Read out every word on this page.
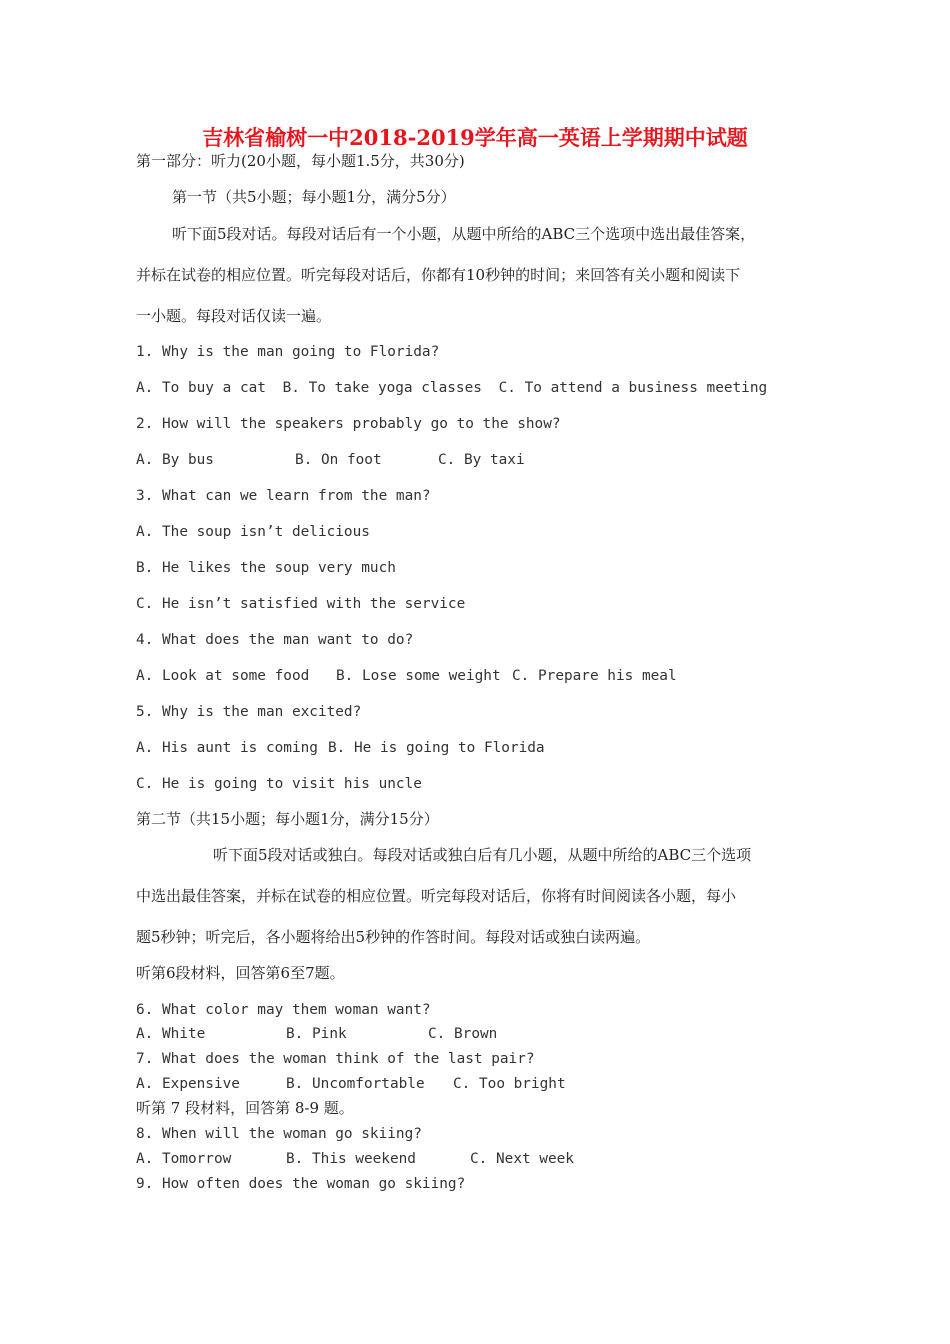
吉林省榆树一中2018-2019学年高一英语上学期期中试题
第一部分：听力(20小题，每小题1.5分，共30分)
第一节（共5小题；每小题1分，满分5分）
听下面5段对话。每段对话后有一个小题，从题中所给的ABC三个选项中选出最佳答案，
并标在试卷的相应位置。听完每段对话后，你都有10秒钟的时间；来回答有关小题和阅读下
一小题。每段对话仅读一遍。
1. Why is the man going to Florida?
A. To buy a cat B. To take yoga classes C. To attend a business meeting
2. How will the speakers probably go to the show?
A. By bus	B. On foot	C. By taxi
3. What can we learn from the man?
A. The soup isn’t delicious
B. He likes the soup very much
C. He isn’t satisfied with the service
4. What does the man want to do?
A. Look at some food B. Lose some weight C. Prepare his meal
5. Why is the man excited?
A. His aunt is coming B. He is going to Florida
C. He is going to visit his uncle
第二节（共15小题；每小题1分，满分15分）
听下面5段对话或独白。每段对话或独白后有几小题，从题中所给的ABC三个选项
中选出最佳答案，并标在试卷的相应位置。听完每段对话后，你将有时间阅读各小题，每小
题5秒钟；听完后，各小题将给出5秒钟的作答时间。每段对话或独白读两遍。
听第6段材料，回答第6至7题。
6. What color may them woman want?
A. White	B. Pink	C. Brown
7. What does the woman think of the last pair?
A. Expensive	B. Uncomfortable C. Too bright
听第 7 段材料，回答第 8-9 题。
8. When will the woman go skiing?
A. Tomorrow	B. This weekend	C. Next week
9. How often does the woman go skiing?
